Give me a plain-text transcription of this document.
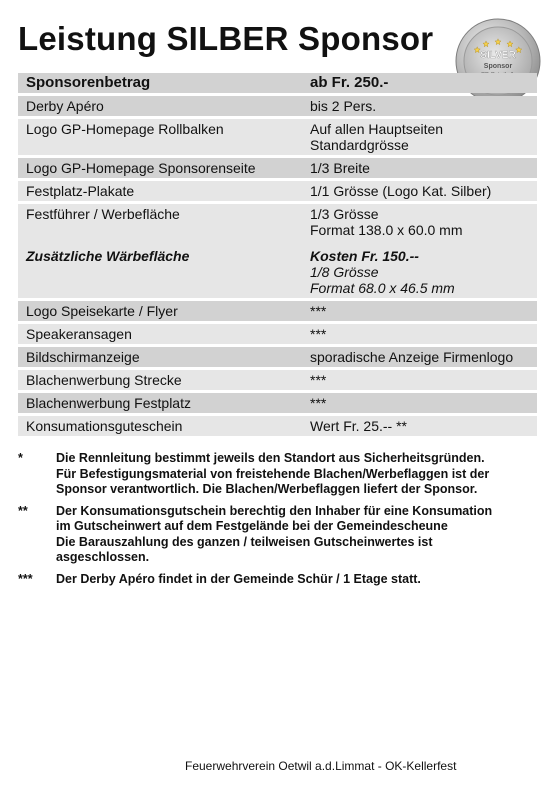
Leistung SILBER Sponsor	SILVER
Sponsor
Sponsorenbetrag	ab Fr. 250.-
Derby Apéro	bis 2 Pers.
Logo GP-Homepage Rollbalken	Auf allen Hauptseiten
Standardgrösse
Logo GP-Homepage Sponsorenseite	1/3 Breite
Festplatz-Plakate	1/1 Grösse (Logo Kat. Silber)
Festführer / Werbefläche	1/3 Grösse
Format 138.0 x 60.0 mm
Zusätzliche Wärbefläche	Kosten Fr. 150.--
1/8 Grösse
Format 68.0 x 46.5 mm
Logo Speisekarte / Flyer	***
Speakeransagen	***
Bildschirmanzeige	sporadische Anzeige Firmenlogo
Blachenwerbung Strecke	***
Blachenwerbung Festplatz	***
Konsumationsguteschein	Wert Fr. 25.-- **
*	Die Rennleitung bestimmt jeweils den Standort aus Sicherheitsgründen.
Für Befestigungsmaterial von freistehende Blachen/Werbeflaggen ist der
Sponsor verantwortlich. Die Blachen/Werbeflaggen liefert der Sponsor.
**	Der Konsumationsgutschein berechtig den Inhaber für eine Konsumation
im Gutscheinwert auf dem Festgelände bei der Gemeindescheune
Die Barauszahlung des ganzen / teilweisen Gutscheinwertes ist
asgeschlossen.
***	Der Derby Apéro findet in der Gemeinde Schür / 1 Etage statt.
Feuerwehrverein Oetwil a.d.Limmat - OK-Kellerfest
